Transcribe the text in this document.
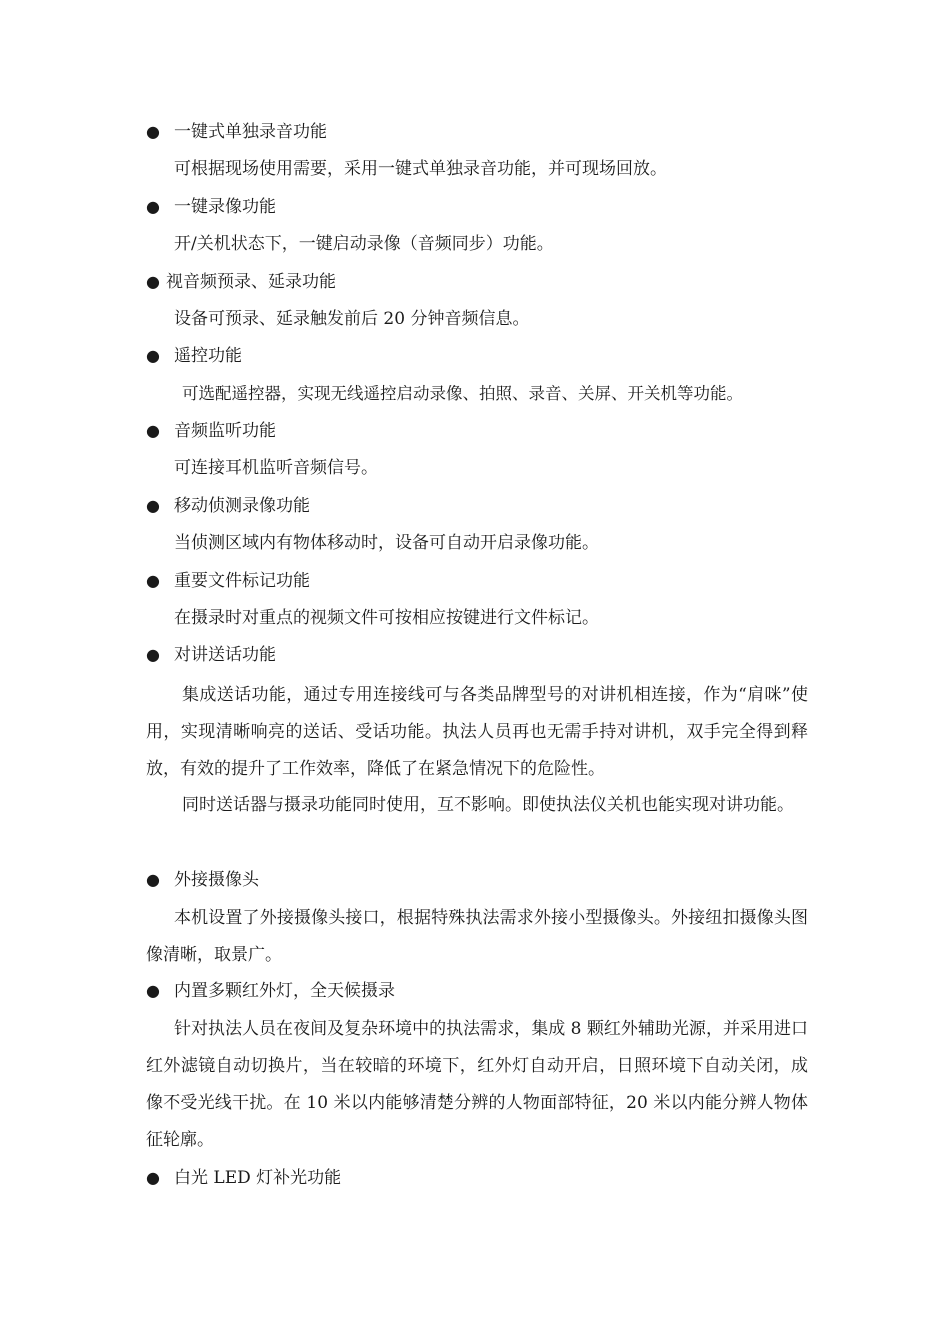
● 一键式单独录音功能
可根据现场使用需要，采用一键式单独录音功能，并可现场回放。
● 一键录像功能
开/关机状态下，一键启动录像（音频同步）功能。
● 视音频预录、延录功能
设备可预录、延录触发前后 20 分钟音频信息。
● 遥控功能
可选配遥控器，实现无线遥控启动录像、拍照、录音、关屏、开关机等功能。
● 音频监听功能
可连接耳机监听音频信号。
● 移动侦测录像功能
当侦测区域内有物体移动时，设备可自动开启录像功能。
● 重要文件标记功能
在摄录时对重点的视频文件可按相应按键进行文件标记。
● 对讲送话功能
集成送话功能，通过专用连接线可与各类品牌型号的对讲机相连接，作为“肩咪”使用，实现清晰响亮的送话、受话功能。执法人员再也无需手持对讲机，双手完全得到释放，有效的提升了工作效率，降低了在紧急情况下的危险性。
同时送话器与摄录功能同时使用，互不影响。即使执法仪关机也能实现对讲功能。
● 外接摄像头
本机设置了外接摄像头接口，根据特殊执法需求外接小型摄像头。外接纽扣摄像头图像清晰，取景广。
● 内置多颗红外灯，全天候摄录
针对执法人员在夜间及复杂环境中的执法需求，集成 8 颗红外辅助光源，并采用进口红外滤镜自动切换片，当在较暗的环境下，红外灯自动开启，日照环境下自动关闭，成像不受光线干扰。在 10 米以内能够清楚分辨的人物面部特征，20 米以内能分辨人物体征轮廓。
● 白光 LED 灯补光功能
